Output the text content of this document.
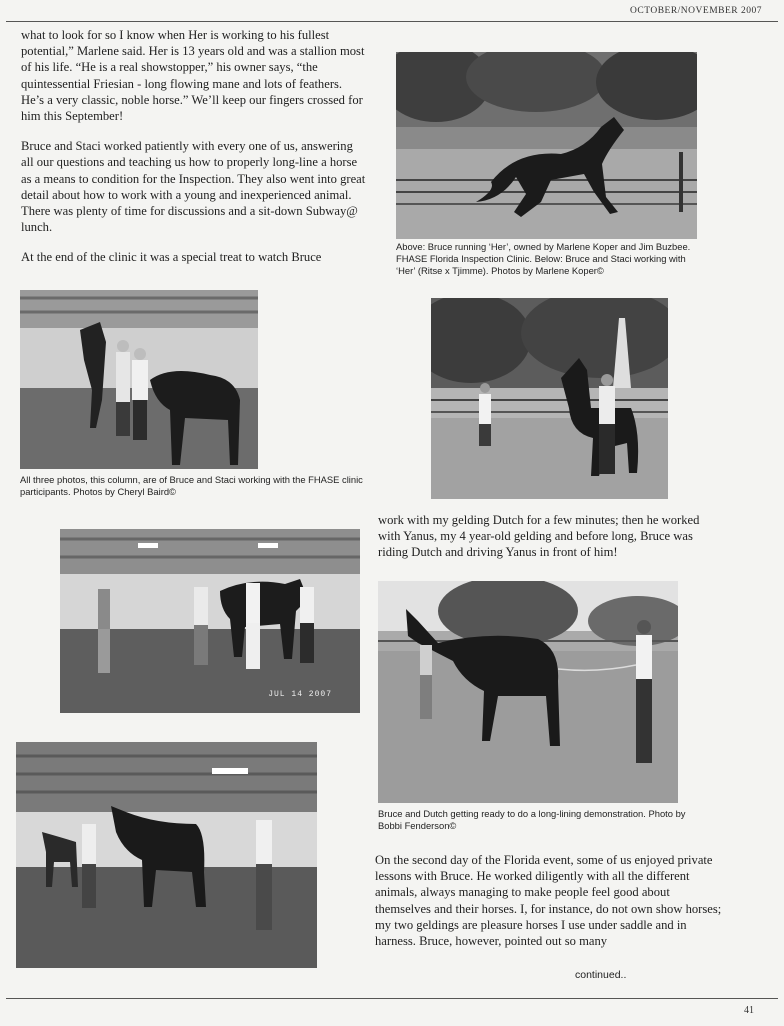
OCTOBER/NOVEMBER 2007

what to look for so I know when Her is working to his fullest potential,” Marlene said. Her is 13 years old and was a stallion most of his life. “He is a real showstopper,” his owner says, “the quintessential Friesian - long flowing mane and lots of feathers. He’s a very classic, noble horse.” We’ll keep our fingers crossed for him this September!

Bruce and Staci worked patiently with every one of us, answering all our questions and teaching us how to properly long-line a horse as a means to condition for the Inspection. They also went into great detail about how to work with a young and inexperienced animal. There was plenty of time for discussions and a sit-down Subway@ lunch.

At the end of the clinic it was a special treat to watch Bruce

Above: Bruce running ‘Her’, owned by Marlene Koper and Jim Buzbee. FHASE Florida Inspection Clinic. Below: Bruce and Staci working with ‘Her’ (Ritse x Tjimme). Photos by Marlene Koper©
All three photos, this column, are of Bruce and Staci working with the FHASE clinic participants. Photos by Cheryl Baird©
work with my gelding Dutch for a few minutes; then he worked with Yanus, my 4 year-old gelding and before long, Bruce was riding Dutch and driving Yanus in front of him!
JUL 14 2007
Bruce and Dutch getting ready to do a long-lining demonstration. Photo by Bobbi Fenderson©
On the second day of the Florida event, some of us enjoyed private lessons with Bruce. He worked diligently with all the different animals, always managing to make people feel good about themselves and their horses. I, for instance, do not own show horses; my two geldings are pleasure horses I use under saddle and in harness. Bruce, however, pointed out so many
continued..
41
